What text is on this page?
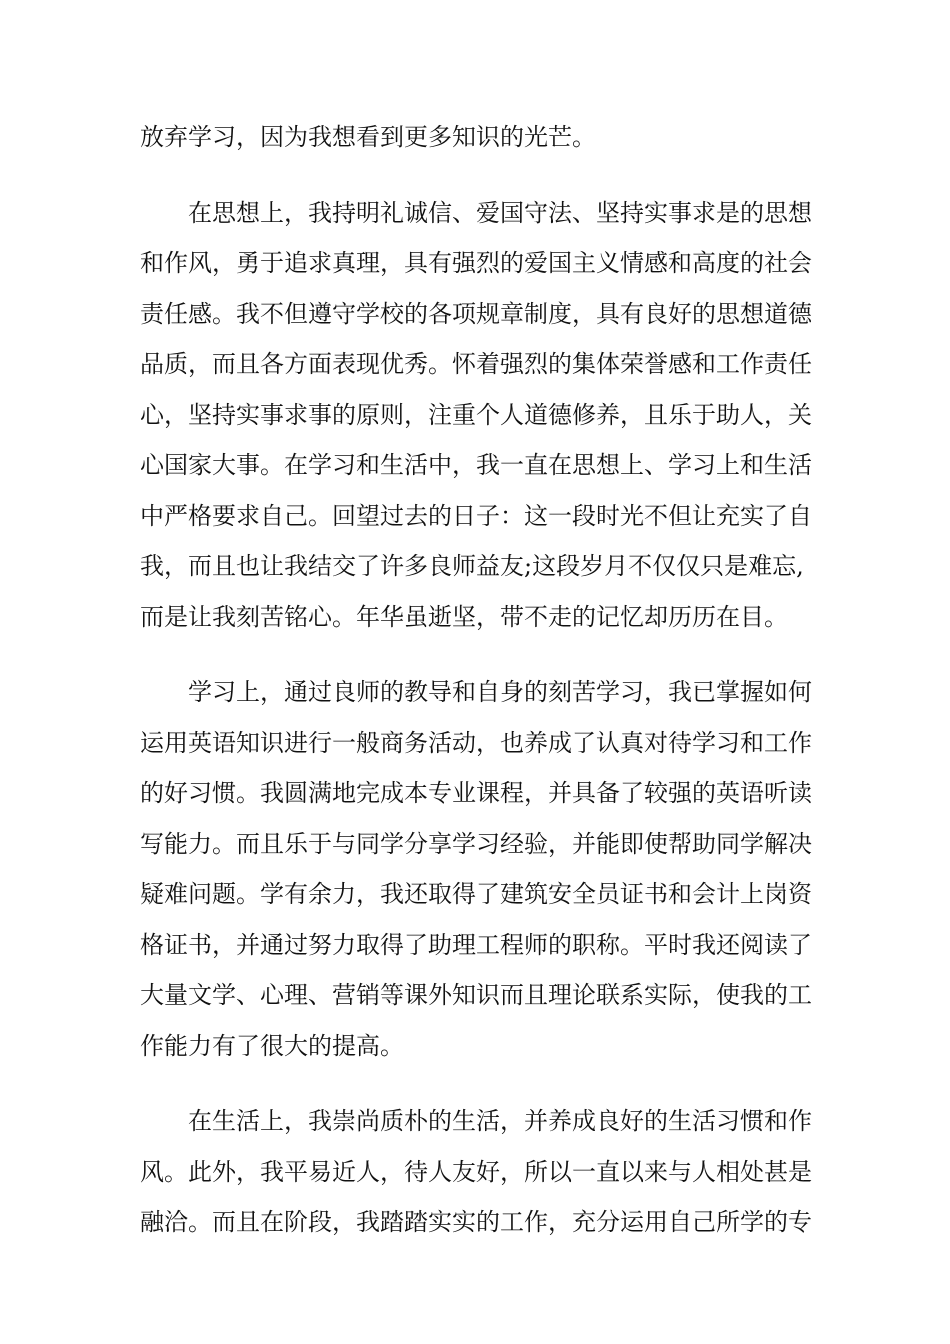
放弃学习，因为我想看到更多知识的光芒。

　　在思想上，我持明礼诚信、爱国守法、坚持实事求是的思想
和作风，勇于追求真理，具有强烈的爱国主义情感和高度的社会
责任感。我不但遵守学校的各项规章制度，具有良好的思想道德
品质，而且各方面表现优秀。怀着强烈的集体荣誉感和工作责任
心，坚持实事求事的原则，注重个人道德修养，且乐于助人，关
心国家大事。在学习和生活中，我一直在思想上、学习上和生活
中严格要求自己。回望过去的日子：这一段时光不但让充实了自
我，而且也让我结交了许多良师益友;这段岁月不仅仅只是难忘,
而是让我刻苦铭心。年华虽逝坚，带不走的记忆却历历在目。

　　学习上，通过良师的教导和自身的刻苦学习，我已掌握如何
运用英语知识进行一般商务活动，也养成了认真对待学习和工作
的好习惯。我圆满地完成本专业课程，并具备了较强的英语听读
写能力。而且乐于与同学分享学习经验，并能即使帮助同学解决
疑难问题。学有余力，我还取得了建筑安全员证书和会计上岗资
格证书，并通过努力取得了助理工程师的职称。平时我还阅读了
大量文学、心理、营销等课外知识而且理论联系实际，使我的工
作能力有了很大的提高。

　　在生活上，我崇尚质朴的生活，并养成良好的生活习惯和作
风。此外，我平易近人，待人友好，所以一直以来与人相处甚是
融洽。而且在阶段，我踏踏实实的工作，充分运用自己所学的专
